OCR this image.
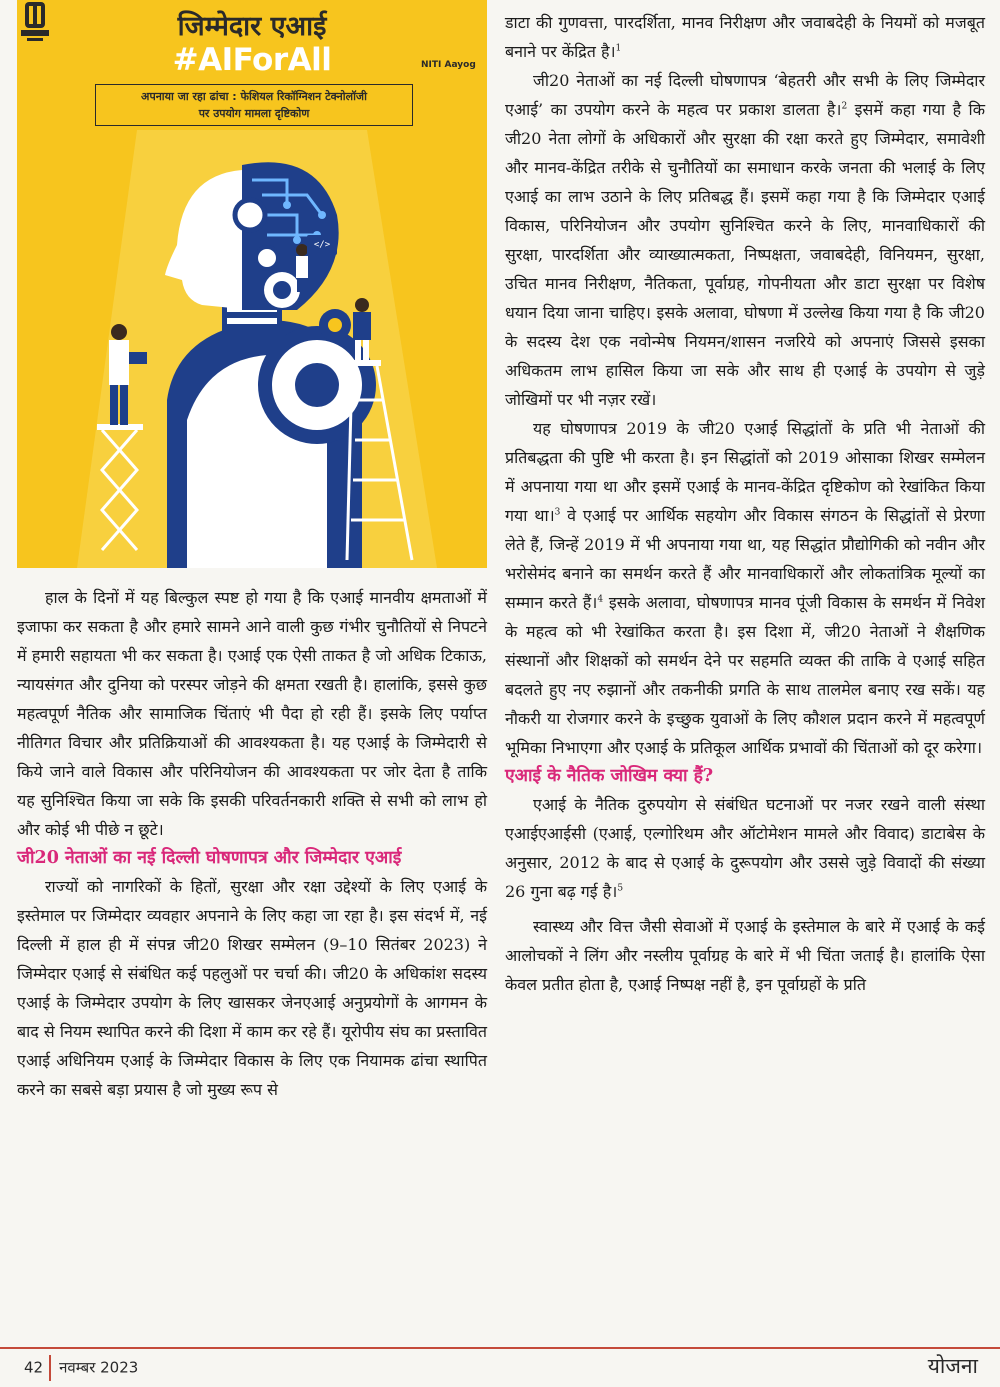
जिम्मेदार एआई
#AIForAll
अपनाया जा रहा ढांचा : फेशियल रिकॉग्निशन टेक्नोलॉजी
पर उपयोग मामला दृष्टिकोण
NITI Aayog
</>

हाल के दिनों में यह बिल्कुल स्पष्ट हो गया है कि एआई मानवीय क्षमताओं में इजाफा कर सकता है और हमारे सामने आने वाली कुछ गंभीर चुनौतियों से निपटने में हमारी सहायता भी कर सकता है। एआई एक ऐसी ताकत है जो अधिक टिकाऊ, न्यायसंगत और दुनिया को परस्पर जोड़ने की क्षमता रखती है। हालांकि, इससे कुछ महत्वपूर्ण नैतिक और सामाजिक चिंताएं भी पैदा हो रही हैं। इसके लिए पर्याप्त नीतिगत विचार और प्रतिक्रियाओं की आवश्यकता है। यह एआई के जिम्मेदारी से किये जाने वाले विकास और परिनियोजन की आवश्यकता पर जोर देता है ताकि यह सुनिश्चित किया जा सके कि इसकी परिवर्तनकारी शक्ति से सभी को लाभ हो और कोई भी पीछे न छूटे।

जी20 नेताओं का नई दिल्ली घोषणापत्र और जिम्मेदार एआई

राज्यों को नागरिकों के हितों, सुरक्षा और रक्षा उद्देश्यों के लिए एआई के इस्तेमाल पर जिम्मेदार व्यवहार अपनाने के लिए कहा जा रहा है। इस संदर्भ में, नई दिल्ली में हाल ही में संपन्न जी20 शिखर सम्मेलन (9–10 सितंबर 2023) ने जिम्मेदार एआई से संबंधित कई पहलुओं पर चर्चा की। जी20 के अधिकांश सदस्य एआई के जिम्मेदार उपयोग के लिए खासकर जेनएआई अनुप्रयोगों के आगमन के बाद से नियम स्थापित करने की दिशा में काम कर रहे हैं। यूरोपीय संघ का प्रस्तावित एआई अधिनियम एआई के जिम्मेदार विकास के लिए एक नियामक ढांचा स्थापित करने का सबसे बड़ा प्रयास है जो मुख्य रूप से

डाटा की गुणवत्ता, पारदर्शिता, मानव निरीक्षण और जवाबदेही के नियमों को मजबूत बनाने पर केंद्रित है।$^1$

जी20 नेताओं का नई दिल्ली घोषणापत्र ‘बेहतरी और सभी के लिए जिम्मेदार एआई’ का उपयोग करने के महत्व पर प्रकाश डालता है।$^2$ इसमें कहा गया है कि जी20 नेता लोगों के अधिकारों और सुरक्षा की रक्षा करते हुए जिम्मेदार, समावेशी और मानव-केंद्रित तरीके से चुनौतियों का समाधान करके जनता की भलाई के लिए एआई का लाभ उठाने के लिए प्रतिबद्ध हैं। इसमें कहा गया है कि जिम्मेदार एआई विकास, परिनियोजन और उपयोग सुनिश्चित करने के लिए, मानवाधिकारों की सुरक्षा, पारदर्शिता और व्याख्यात्मकता, निष्पक्षता, जवाबदेही, विनियमन, सुरक्षा, उचित मानव निरीक्षण, नैतिकता, पूर्वाग्रह, गोपनीयता और डाटा सुरक्षा पर विशेष धयान दिया जाना चाहिए। इसके अलावा, घोषणा में उल्लेख किया गया है कि जी20 के सदस्य देश एक नवोन्मेष नियमन/शासन नजरिये को अपनाएं जिससे इसका अधिकतम लाभ हासिल किया जा सके और साथ ही एआई के उपयोग से जुड़े जोखिमों पर भी नज़र रखें।

यह घोषणापत्र 2019 के जी20 एआई सिद्धांतों के प्रति भी नेताओं की प्रतिबद्धता की पुष्टि भी करता है। इन सिद्धांतों को 2019 ओसाका शिखर सम्मेलन में अपनाया गया था और इसमें एआई के मानव-केंद्रित दृष्टिकोण को रेखांकित किया गया था।$^3$ वे एआई पर आर्थिक सहयोग और विकास संगठन के सिद्धांतों से प्रेरणा लेते हैं, जिन्हें 2019 में भी अपनाया गया था, यह सिद्धांत प्रौद्योगिकी को नवीन और भरोसेमंद बनाने का समर्थन करते हैं और मानवाधिकारों और लोकतांत्रिक मूल्यों का सम्मान करते हैं।$^4$ इसके अलावा, घोषणापत्र मानव पूंजी विकास के समर्थन में निवेश के महत्व को भी रेखांकित करता है। इस दिशा में, जी20 नेताओं ने शैक्षणिक संस्थानों और शिक्षकों को समर्थन देने पर सहमति व्यक्त की ताकि वे एआई सहित बदलते हुए नए रुझानों और तकनीकी प्रगति के साथ तालमेल बनाए रख सकें। यह नौकरी या रोजगार करने के इच्छुक युवाओं के लिए कौशल प्रदान करने में महत्वपूर्ण भूमिका निभाएगा और एआई के प्रतिकूल आर्थिक प्रभावों की चिंताओं को दूर करेगा।

एआई के नैतिक जोखिम क्या हैं?

एआई के नैतिक दुरुपयोग से संबंधित घटनाओं पर नजर रखने वाली संस्था एआईएआईसी (एआई, एल्गोरिथम और ऑटोमेशन मामले और विवाद) डाटाबेस के अनुसार, 2012 के बाद से एआई के दुरूपयोग और उससे जुड़े विवादों की संख्या 26 गुना बढ़ गई है।$^5$

स्वास्थ्य और वित्त जैसी सेवाओं में एआई के इस्तेमाल के बारे में एआई के कई आलोचकों ने लिंग और नस्लीय पूर्वाग्रह के बारे में भी चिंता जताई है। हालांकि ऐसा केवल प्रतीत होता है, एआई निष्पक्ष नहीं है, इन पूर्वाग्रहों के प्रति

42 नवम्बर 2023	योजना
